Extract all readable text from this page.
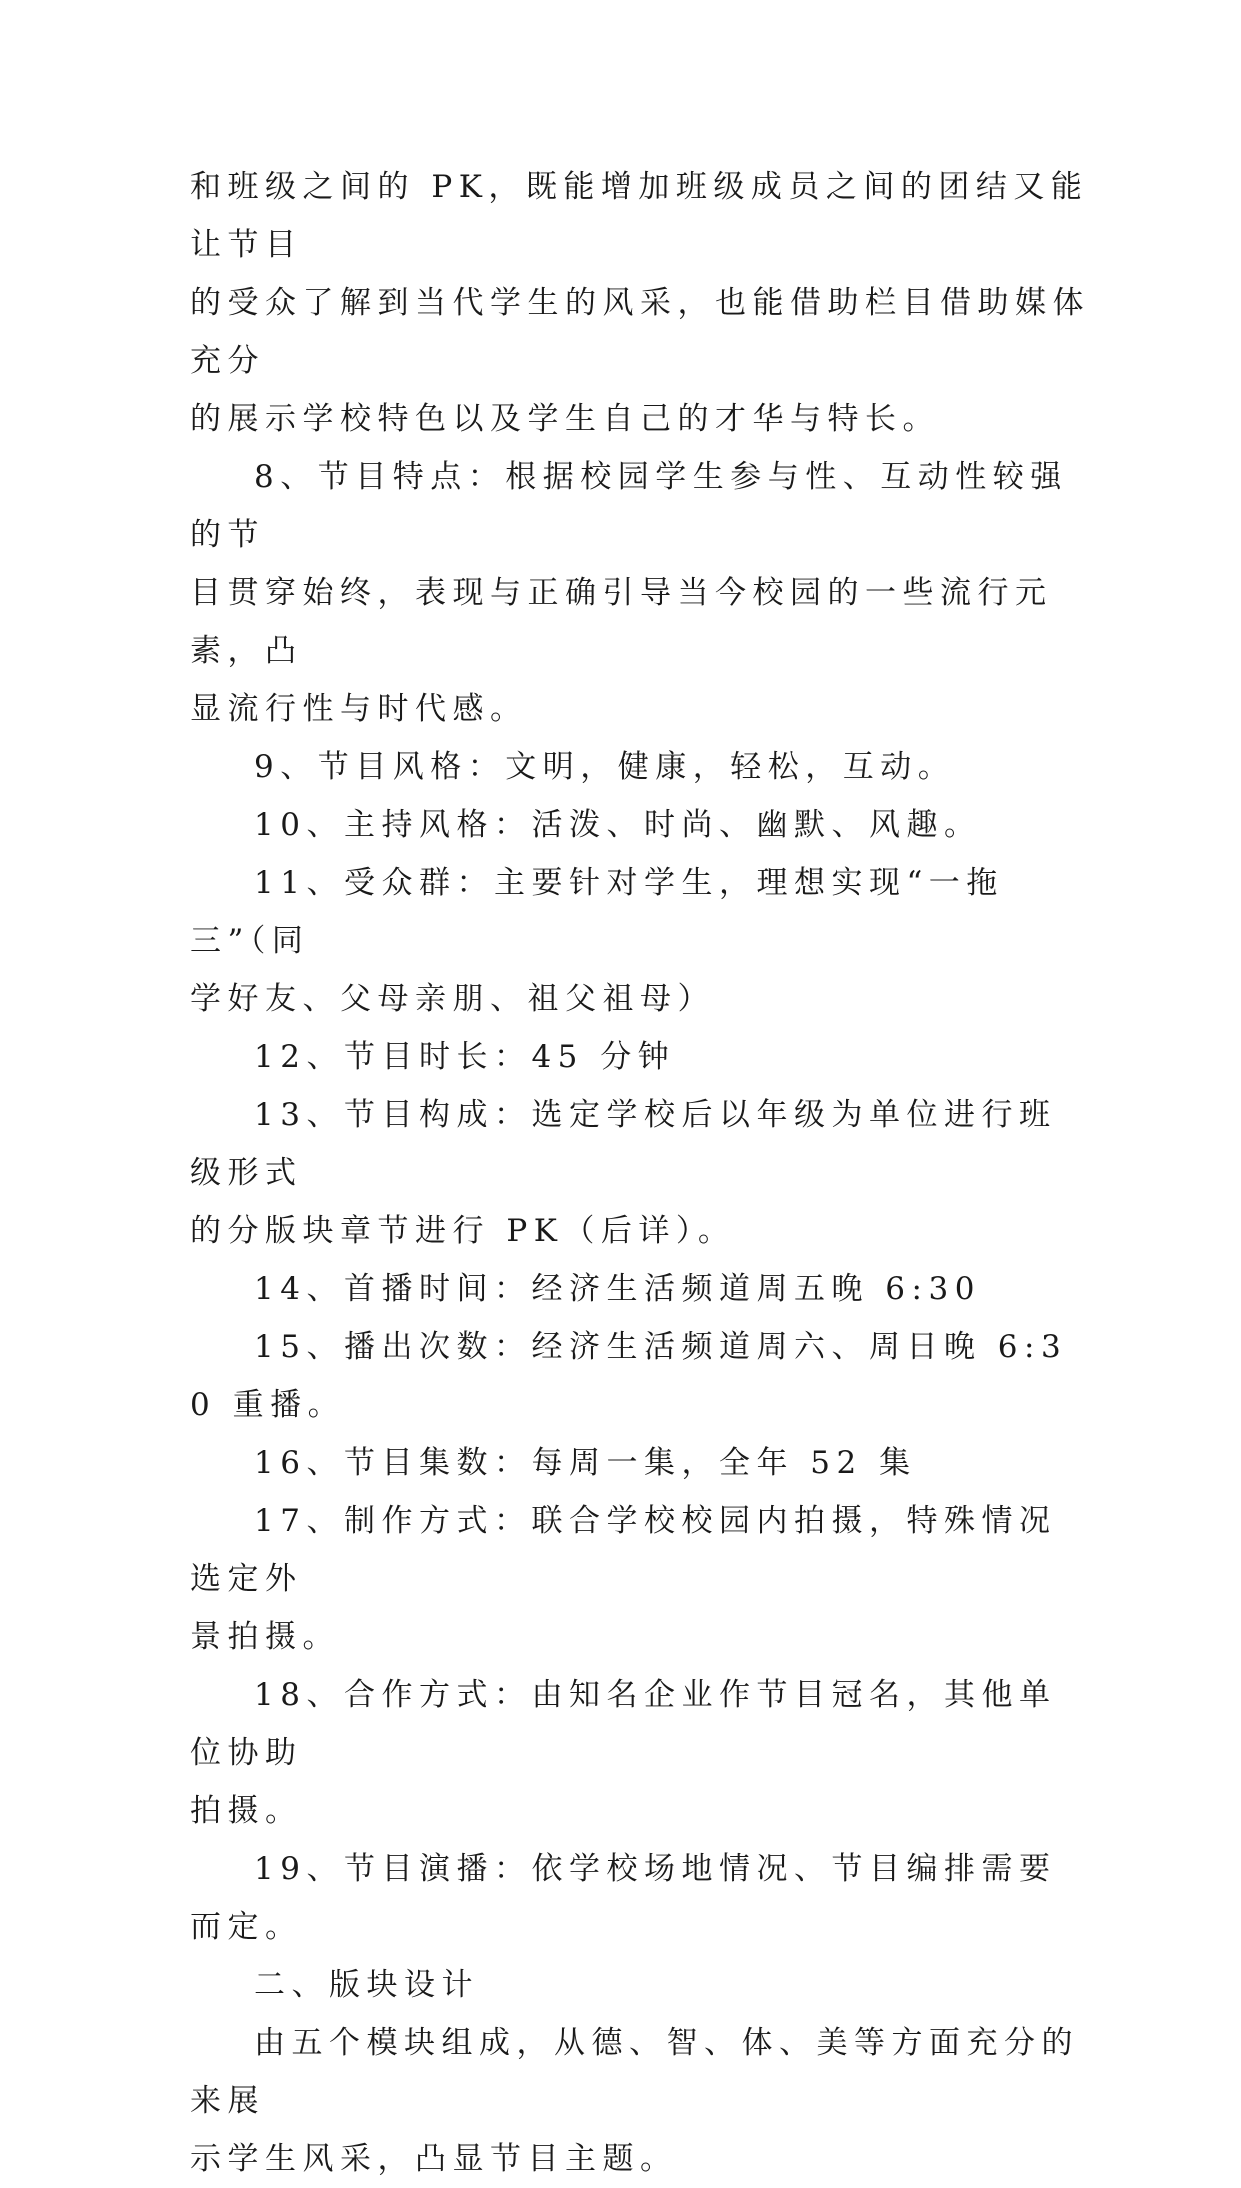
和班级之间的 PK，既能增加班级成员之间的团结又能让节目
的受众了解到当代学生的风采，也能借助栏目借助媒体充分
的展示学校特色以及学生自己的才华与特长。

8、节目特点：根据校园学生参与性、互动性较强的节
目贯穿始终，表现与正确引导当今校园的一些流行元素，凸
显流行性与时代感。

9、节目风格：文明，健康，轻松，互动。

10、主持风格：活泼、时尚、幽默、风趣。

11、受众群：主要针对学生，理想实现“一拖三”（同
学好友、父母亲朋、祖父祖母）

12、节目时长：45 分钟

13、节目构成：选定学校后以年级为单位进行班级形式
的分版块章节进行 PK（后详）。

14、首播时间：经济生活频道周五晚 6:30

15、播出次数：经济生活频道周六、周日晚 6:30 重播。

16、节目集数：每周一集，全年 52 集

17、制作方式：联合学校校园内拍摄，特殊情况选定外
景拍摄。

18、合作方式：由知名企业作节目冠名，其他单位协助
拍摄。

19、节目演播：依学校场地情况、节目编排需要而定。

二、版块设计

由五个模块组成，从德、智、体、美等方面充分的来展
示学生风采，凸显节目主题。
